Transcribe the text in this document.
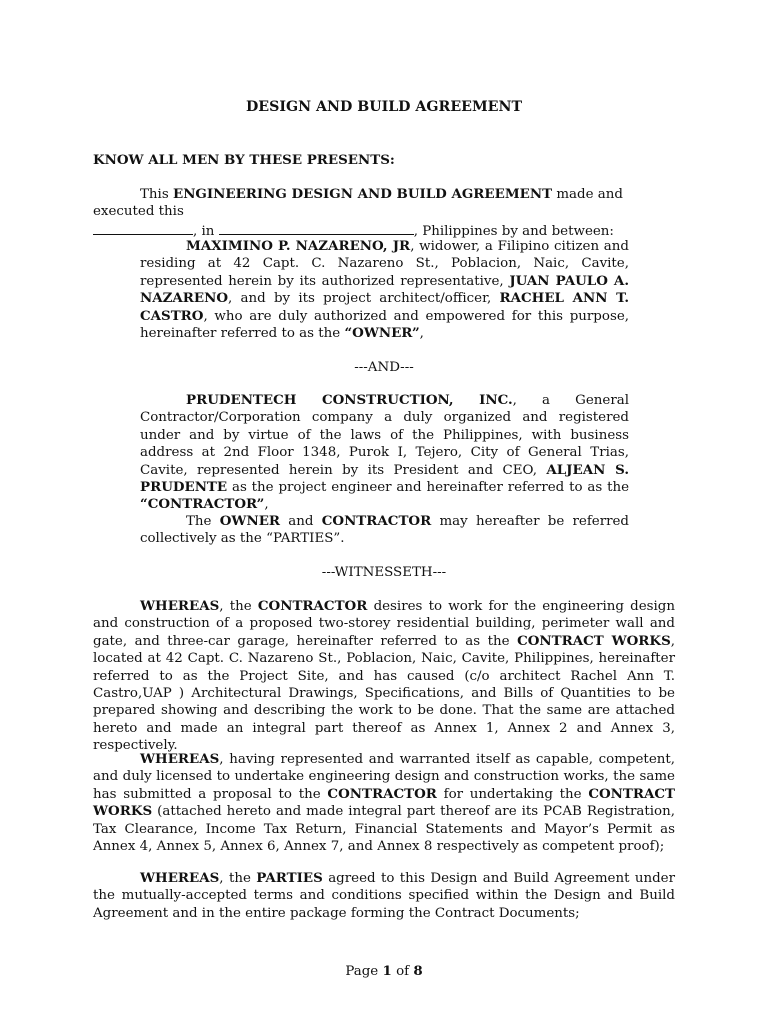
DESIGN AND BUILD AGREEMENT
KNOW ALL MEN BY THESE PRESENTS:

This ENGINEERING DESIGN AND BUILD AGREEMENT made and executed this

, in	, Philippines by and between:

MAXIMINO P. NAZARENO, JR, widower, a Filipino citizen and residing at 42 Capt. C. Nazareno St., Poblacion, Naic, Cavite, represented herein by its authorized representative, JUAN PAULO A. NAZARENO, and by its project architect/officer, RACHEL ANN T. CASTRO, who are duly authorized and empowered for this purpose, hereinafter referred to as the “OWNER”,

---AND---

PRUDENTECH CONSTRUCTION, INC., a General Contractor/Corporation company a duly organized and registered under and by virtue of the laws of the Philippines, with business address at 2nd Floor 1348, Purok I, Tejero, City of General Trias, Cavite, represented herein by its President and CEO, ALJEAN S. PRUDENTE as the project engineer and hereinafter referred to as the “CONTRACTOR”,

The OWNER and CONTRACTOR may hereafter be referred collectively as the “PARTIES”.

---WITNESSETH---

WHEREAS, the CONTRACTOR desires to work for the engineering design and construction of a proposed two-storey residential building, perimeter wall and gate, and three-car garage, hereinafter referred to as the CONTRACT WORKS, located at 42 Capt. C. Nazareno St., Poblacion, Naic, Cavite, Philippines, hereinafter referred to as the Project Site, and has caused (c/o architect Rachel Ann T. Castro,UAP ) Architectural Drawings, Specifications, and Bills of Quantities to be prepared showing and describing the work to be done. That the same are attached hereto and made an integral part thereof as Annex 1, Annex 2 and Annex 3, respectively.

WHEREAS, having represented and warranted itself as capable, competent, and duly licensed to undertake engineering design and construction works, the same has submitted a proposal to the CONTRACTOR for undertaking the CONTRACT WORKS (attached hereto and made integral part thereof are its PCAB Registration, Tax Clearance, Income Tax Return, Financial Statements and Mayor’s Permit as Annex 4, Annex 5, Annex 6, Annex 7, and Annex 8 respectively as competent proof);

WHEREAS, the PARTIES agreed to this Design and Build Agreement under the mutually-accepted terms and conditions specified within the Design and Build Agreement and in the entire package forming the Contract Documents;

Page 1 of 8
